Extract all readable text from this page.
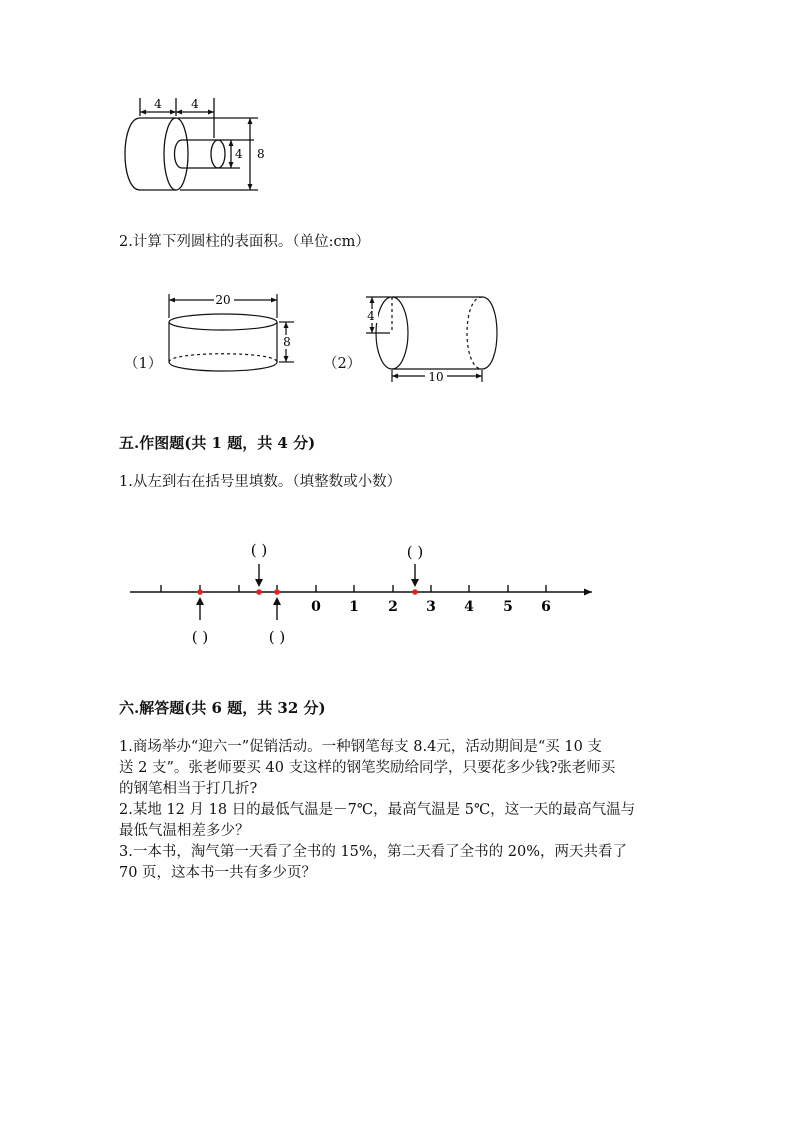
4 4
4 8
2.计算下列圆柱的表面积。（单位:cm）
（1）
20
8
（2）
4
10
五.作图题(共 1 题，共 4 分)
1.从左到右在括号里填数。（填整数或小数）
0 1 2 3 4 5 6
( )	( )
( )	( )
六.解答题(共 6 题，共 32 分)
1.商场举办“迎六一”促销活动。一种钢笔每支 8.4元，活动期间是“买 10 支
送 2 支”。张老师要买 40 支这样的钢笔奖励给同学，只要花多少钱?张老师买
的钢笔相当于打几折?
2.某地 12 月 18 日的最低气温是－7℃，最高气温是 5℃，这一天的最高气温与
最低气温相差多少？
3.一本书，淘气第一天看了全书的 15%，第二天看了全书的 20%，两天共看了
70 页，这本书一共有多少页？
